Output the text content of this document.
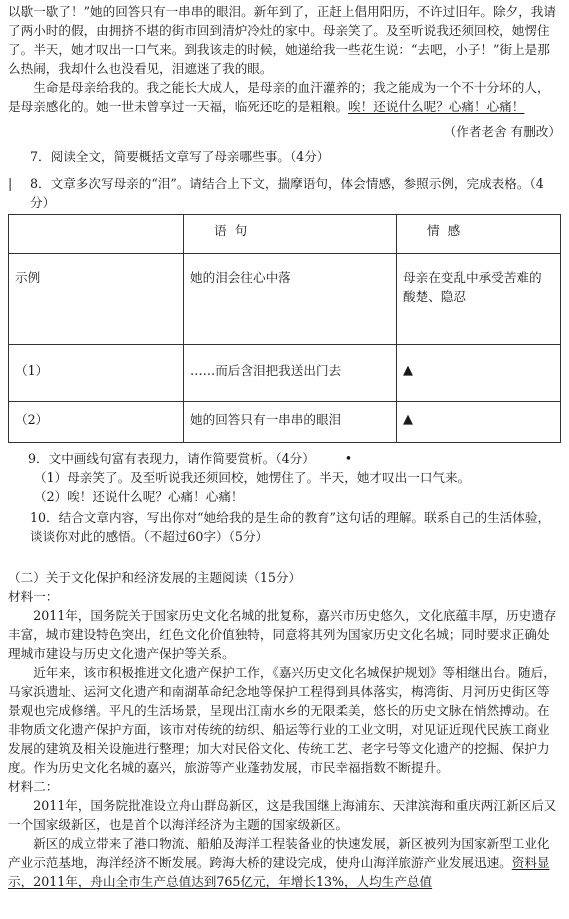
以歇一歇了！”她的回答只有一串串的眼泪。新年到了，正赶上倡用阳历，不许过旧年。除夕，我请了两小时的假，由拥挤不堪的街市回到清炉冷灶的家中。母亲笑了。及至听说我还须回校，她愣住了。半天，她才叹出一口气来。到我该走的时候，她递给我一些花生说：“去吧，小子！”街上是那么热闹，我却什么也没看见，泪遮迷了我的眼。

生命是母亲给我的。我之能长大成人，是母亲的血汗灌养的；我之能成为一个不十分坏的人，是母亲感化的。她一世未曾享过一天福，临死还吃的是粗粮。唉！还说什么呢？心痛！心痛！

（作者老舍 有删改）

7．阅读全文，简要概括文章写了母亲哪些事。（4分）

| 8．文章多次写母亲的“泪”。请结合上下文，揣摩语句，体会情感，参照示例，完成表格。（4分）

	语句	情感
示例	她的泪会往心中落	母亲在变乱中承受苦难的酸楚、隐忍
（1）	……而后含泪把我送出门去	▲
（2）	她的回答只有一串串的眼泪	▲

9．文中画线句富有表现力，请作简要赏析。（4分） •

（1）母亲笑了。及至听说我还须回校，她愣住了。半天，她才叹出一口气来。

（2）唉！还说什么呢？心痛！心痛！

10．结合文章内容，写出你对“她给我的是生命的教育”这句话的理解。联系自己的生活体验，谈谈你对此的感悟。（不超过60字）（5分）

（二）关于文化保护和经济发展的主题阅读（15分）

材料一：

2011年，国务院关于国家历史文化名城的批复称，嘉兴市历史悠久，文化底蕴丰厚，历史遗存丰富，城市建设特色突出，红色文化价值独特，同意将其列为国家历史文化名城；同时要求正确处理城市建设与历史文化遗产保护等关系。

近年来，该市积极推进文化遗产保护工作，《嘉兴历史文化名城保护规划》等相继出台。随后，马家浜遗址、运河文化遗产和南湖革命纪念地等保护工程得到具体落实，梅湾街、月河历史街区等景观也完成修缮。平凡的生活场景，呈现出江南水乡的无限柔美，悠长的历史文脉在悄然搏动。在非物质文化遗产保护方面，该市对传统的纺织、船运等行业的工业文明，对见证近现代民族工商业发展的建筑及相关设施进行整理；加大对民俗文化、传统工艺、老字号等文化遗产的挖掘、保护力度。作为历史文化名城的嘉兴，旅游等产业蓬勃发展，市民幸福指数不断提升。

材料二：

2011年，国务院批准设立舟山群岛新区，这是我国继上海浦东、天津滨海和重庆两江新区后又一个国家级新区，也是首个以海洋经济为主题的国家级新区。

新区的成立带来了港口物流、船舶及海洋工程装备业的快速发展，新区被列为国家新型工业化产业示范基地，海洋经济不断发展。跨海大桥的建设完成，使舟山海洋旅游产业发展迅速。资料显示，2011年，舟山全市生产总值达到765亿元，年增长13%，人均生产总值
